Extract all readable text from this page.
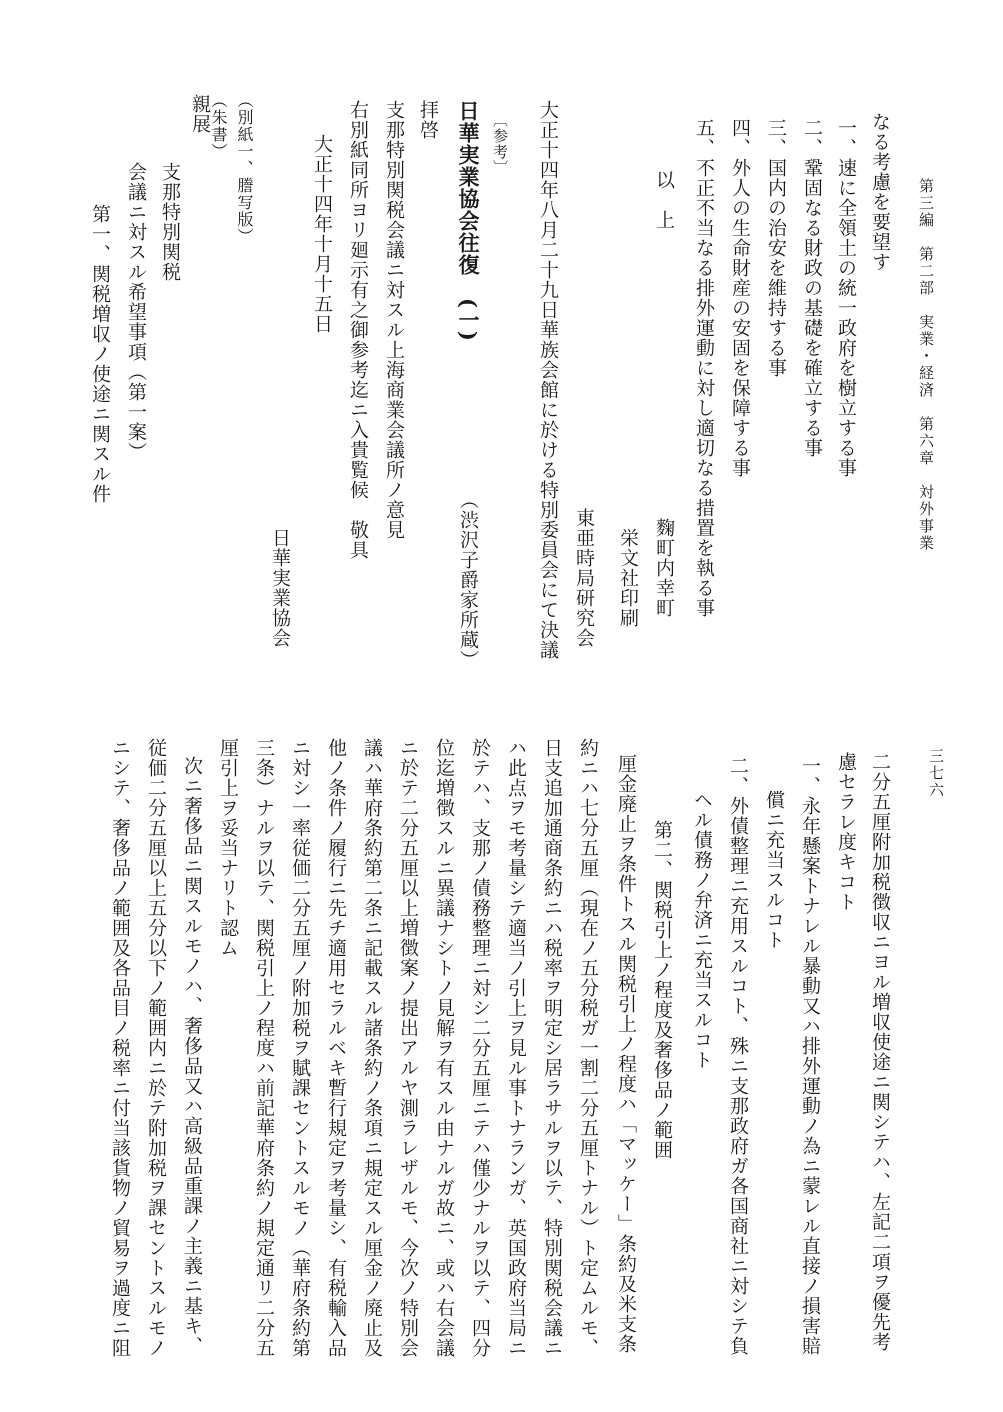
第三編　第二部　実業・経済　第六章　対外事業
三七六
なる考慮を要望す
一、速に全領土の統一政府を樹立する事
二、鞏固なる財政の基礎を確立する事
三、国内の治安を維持する事
四、外人の生命財産の安固を保障する事
五、不正不当なる排外運動に対し適切なる措置を執る事
以　上
麴町内幸町
栄文社印刷
東亜時局研究会
大正十四年八月二十九日華族会館に於ける特別委員会にて決議
〔参考〕
日華実業協会往復　(一)
（渋沢子爵家所蔵）
拝啓
支那特別関税会議ニ対スル上海商業会議所ノ意見
右別紙同所ヨリ廻示有之御参考迄ニ入貴覧候　敬具
大正十四年十月十五日
日華実業協会
（別紙一、謄写版）
（朱書）
親展
支那特別関税
会議ニ対スル希望事項（第一案）
第一、関税増収ノ使途ニ関スル件
二分五厘附加税徴収ニヨル増収使途ニ関シテハ、左記二項ヲ優先考
慮セラレ度キコト
一、永年懸案トナレル暴動又ハ排外運動ノ為ニ蒙レル直接ノ損害賠
償ニ充当スルコト
二、外債整理ニ充用スルコト、殊ニ支那政府ガ各国商社ニ対シテ負
ヘル債務ノ弁済ニ充当スルコト
第二、関税引上ノ程度及奢侈品ノ範囲
厘金廃止ヲ条件トスル関税引上ノ程度ハ「マッケー」条約及米支条
約ニハ七分五厘（現在ノ五分税ガ一割二分五厘トナル）ト定ムルモ、
日支追加通商条約ニハ税率ヲ明定シ居ラサルヲ以テ、特別関税会議ニ
ハ此点ヲモ考量シテ適当ノ引上ヲ見ル事トナランガ、英国政府当局ニ
於テハ、支那ノ債務整理ニ対シ二分五厘ニテハ僅少ナルヲ以テ、四分
位迄増徴スルニ異議ナシトノ見解ヲ有スル由ナルガ故ニ、或ハ右会議
ニ於テ二分五厘以上増徴案ノ提出アルヤ測ラレザルモ、今次ノ特別会
議ハ華府条約第二条ニ記載スル諸条約ノ条項ニ規定スル厘金ノ廃止及
他ノ条件ノ履行ニ先チ適用セラルベキ暫行規定ヲ考量シ、有税輸入品
ニ対シ一率従価二分五厘ノ附加税ヲ賦課セントスルモノ（華府条約第
三条）ナルヲ以テ、関税引上ノ程度ハ前記華府条約ノ規定通リ二分五
厘引上ヲ妥当ナリト認ム
次ニ奢侈品ニ関スルモノハ、奢侈品又ハ高級品重課ノ主義ニ基キ、
従価二分五厘以上五分以下ノ範囲内ニ於テ附加税ヲ課セントスルモノ
ニシテ、奢侈品ノ範囲及各品目ノ税率ニ付当該貨物ノ貿易ヲ過度ニ阻
